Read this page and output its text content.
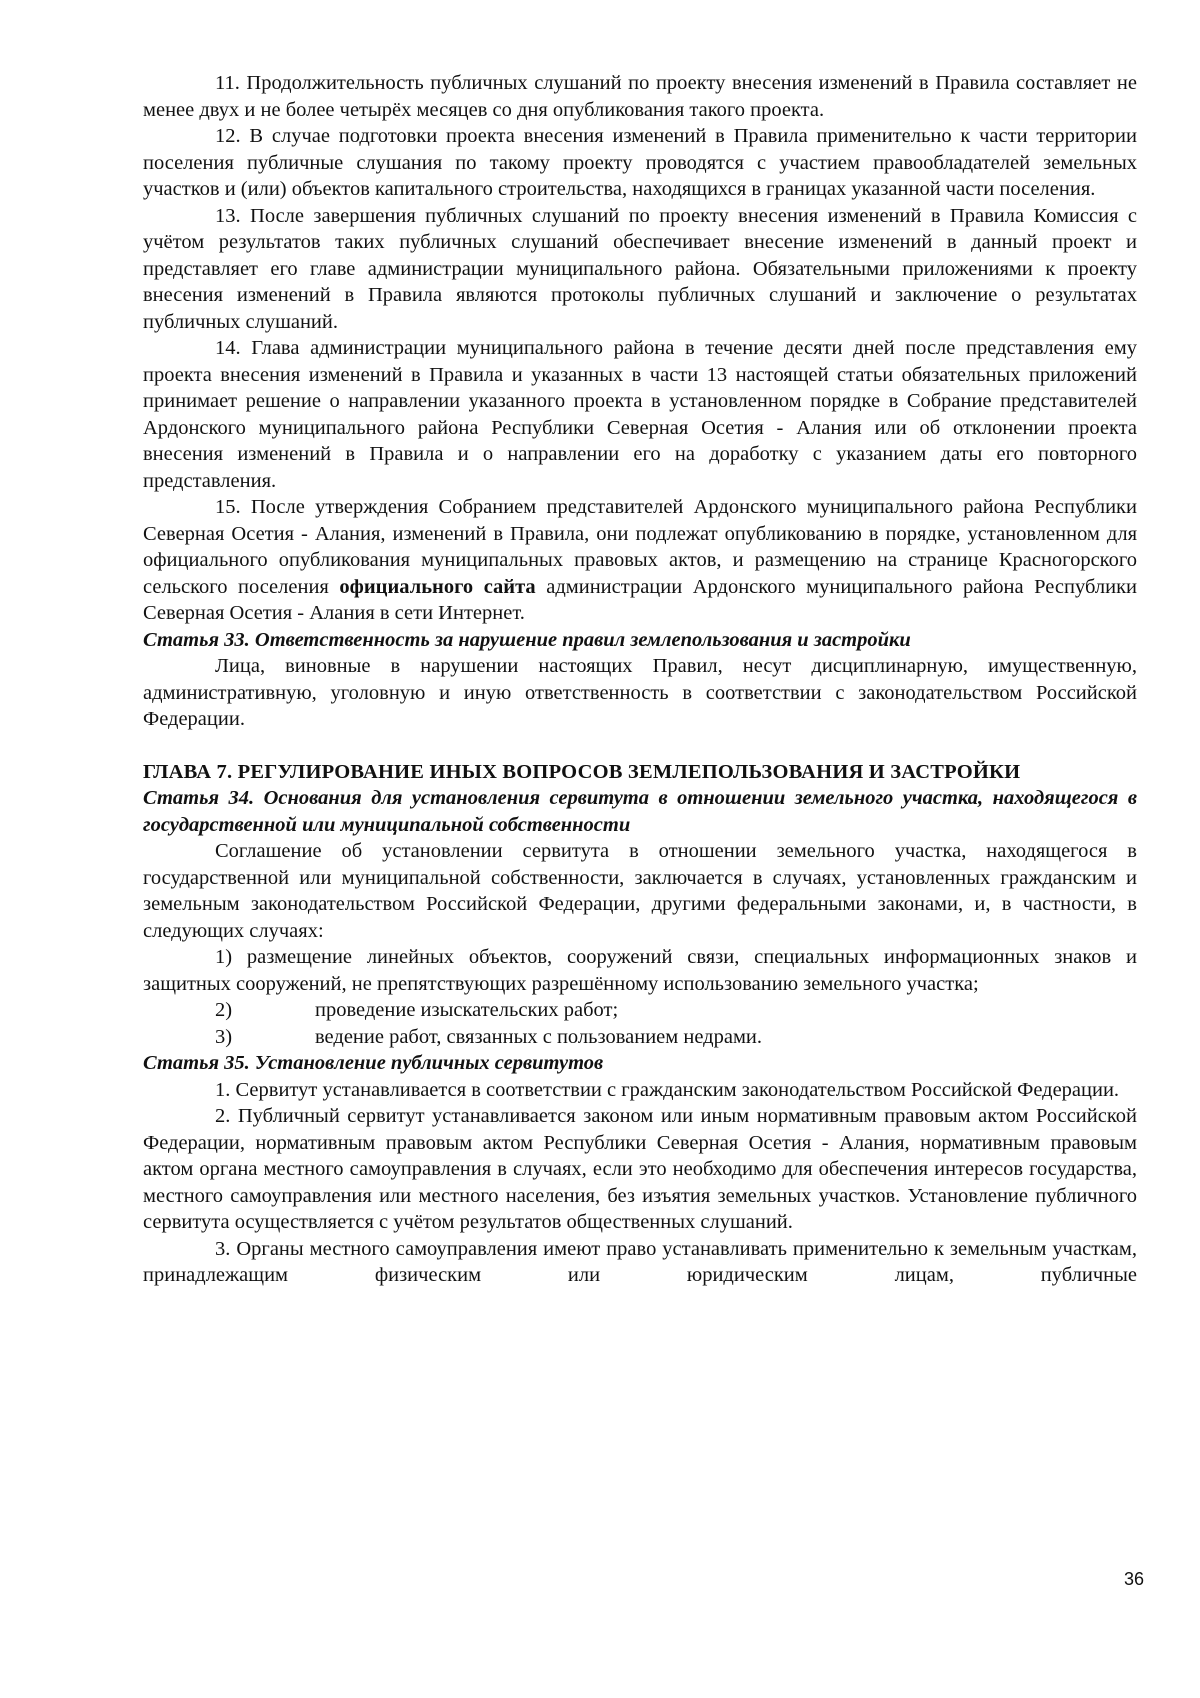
11. Продолжительность публичных слушаний по проекту внесения изменений в Правила составляет не менее двух и не более четырёх месяцев со дня опубликования такого проекта.

12. В случае подготовки проекта внесения изменений в Правила применительно к части территории поселения публичные слушания по такому проекту проводятся с участием правообладателей земельных участков и (или) объектов капитального строительства, находящихся в границах указанной части поселения.

13. После завершения публичных слушаний по проекту внесения изменений в Правила Комиссия с учётом результатов таких публичных слушаний обеспечивает внесение изменений в данный проект и представляет его главе администрации муниципального района. Обязательными приложениями к проекту внесения изменений в Правила являются протоколы публичных слушаний и заключение о результатах публичных слушаний.

14. Глава администрации муниципального района в течение десяти дней после представления ему проекта внесения изменений в Правила и указанных в части 13 настоящей статьи обязательных приложений принимает решение о направлении указанного проекта в установленном порядке в Собрание представителей Ардонского муниципального района Республики Северная Осетия - Алания или об отклонении проекта внесения изменений в Правила и о направлении его на доработку с указанием даты его повторного представления.

15. После утверждения Собранием представителей Ардонского муниципального района Республики Северная Осетия - Алания, изменений в Правила, они подлежат опубликованию в порядке, установленном для официального опубликования муниципальных правовых актов, и размещению на странице Красногорского сельского поселения официального сайта администрации Ардонского муниципального района Республики Северная Осетия - Алания в сети Интернет.

Статья 33. Ответственность за нарушение правил землепользования и застройки

Лица, виновные в нарушении настоящих Правил, несут дисциплинарную, имущественную, административную, уголовную и иную ответственность в соответствии с законодательством Российской Федерации.

ГЛАВА 7. РЕГУЛИРОВАНИЕ ИНЫХ ВОПРОСОВ ЗЕМЛЕПОЛЬЗОВАНИЯ И ЗАСТРОЙКИ

Статья 34. Основания для установления сервитута в отношении земельного участка, находящегося в государственной или муниципальной собственности

Соглашение об установлении сервитута в отношении земельного участка, находящегося в государственной или муниципальной собственности, заключается в случаях, установленных гражданским и земельным законодательством Российской Федерации, другими федеральными законами, и, в частности, в следующих случаях:

1) размещение линейных объектов, сооружений связи, специальных информационных знаков и защитных сооружений, не препятствующих разрешённому использованию земельного участка;

2)	проведение изыскательских работ;
3)	ведение работ, связанных с пользованием недрами.

Статья 35. Установление публичных сервитутов

1. Сервитут устанавливается в соответствии с гражданским законодательством Российской Федерации.

2. Публичный сервитут устанавливается законом или иным нормативным правовым актом Российской Федерации, нормативным правовым актом Республики Северная Осетия - Алания, нормативным правовым актом органа местного самоуправления в случаях, если это необходимо для обеспечения интересов государства, местного самоуправления или местного населения, без изъятия земельных участков. Установление публичного сервитута осуществляется с учётом результатов общественных слушаний.

3. Органы местного самоуправления имеют право устанавливать применительно к земельным участкам, принадлежащим физическим или юридическим лицам, публичные

36
